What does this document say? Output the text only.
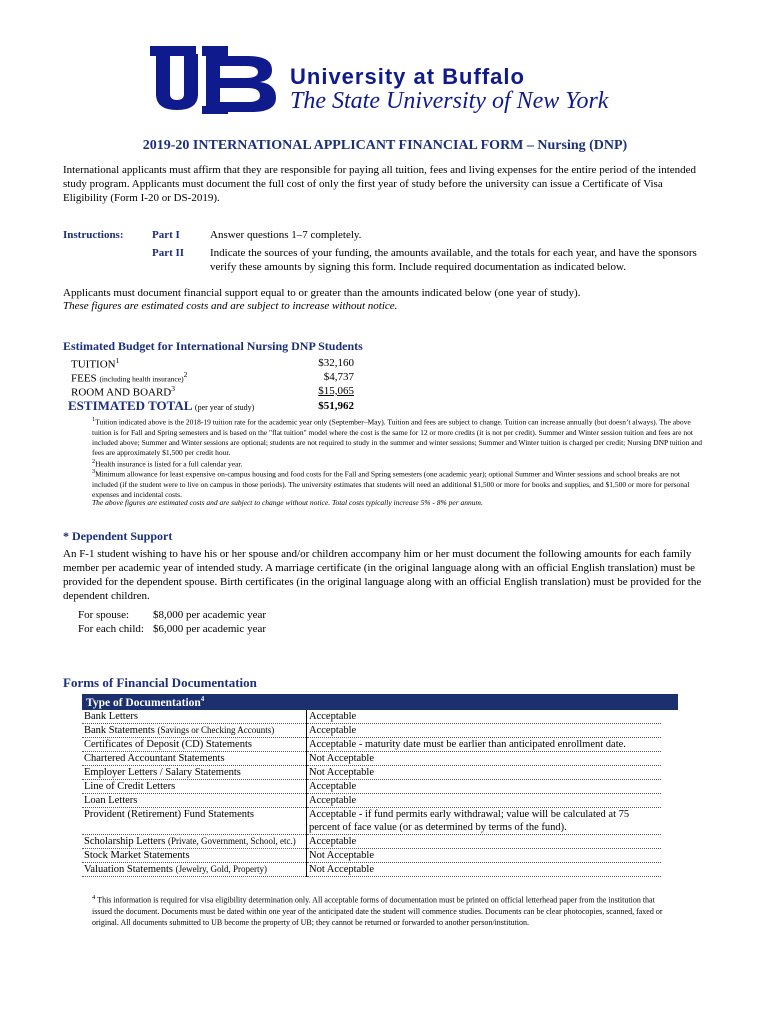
University at Buffalo
The State University of New York
2019-20 INTERNATIONAL APPLICANT FINANCIAL FORM – Nursing (DNP)
International applicants must affirm that they are responsible for paying all tuition, fees and living expenses for the entire period of the intended study program. Applicants must document the full cost of only the first year of study before the university can issue a Certificate of Visa Eligibility (Form I-20 or DS-2019).
Instructions:	Part I	Answer questions 1–7 completely.
Part II Indicate the sources of your funding, the amounts available, and the totals for each year, and have the sponsors verify these amounts by signing this form. Include required documentation as indicated below.
Applicants must document financial support equal to or greater than the amounts indicated below (one year of study).
These figures are estimated costs and are subject to increase without notice.
Estimated Budget for International Nursing DNP Students
TUITION$^1$	$32,160
FEES (including health insurance)$^2$	$4,737
ROOM AND BOARD$^3$	$15,065
ESTIMATED TOTAL (per year of study)	$51,962
$^1$Tuition indicated above is the 2018-19 tuition rate for the academic year only (September–May). Tuition and fees are subject to change. Tuition can increase annually (but doesn’t always). The above tuition is for Fall and Spring semesters and is based on the "flat tuition" model where the cost is the same for 12 or more credits (it is not per credit). Summer and Winter session tuition and fees are not included above; Summer and Winter sessions are optional; students are not required to study in the summer and winter sessions; Summer and Winter tuition is charged per credit; Nursing DNP tuition and fees are approximately $1,500 per credit hour.
$^2$Health insurance is listed for a full calendar year.
$^3$Minimum allowance for least expensive on-campus housing and food costs for the Fall and Spring semesters (one academic year); optional Summer and Winter sessions and school breaks are not included (if the student were to live on campus in those periods). The university estimates that students will need an additional $1,500 or more for books and supplies, and $1,500 or more for personal expenses and incidental costs.
The above figures are estimated costs and are subject to change without notice. Total costs typically increase 5% - 8% per annum.
* Dependent Support
An F-1 student wishing to have his or her spouse and/or children accompany him or her must document the following amounts for each family member per academic year of intended study. A marriage certificate (in the original language along with an official English translation) must be provided for the dependent spouse. Birth certificates (in the original language along with an official English translation) must be provided for the dependent children.
For spouse: $8,000 per academic year
For each child: $6,000 per academic year
Forms of Financial Documentation
Type of Documentation$^4$
Bank Letters	Acceptable
Bank Statements (Savings or Checking Accounts)	Acceptable
Certificates of Deposit (CD) Statements	Acceptable - maturity date must be earlier than anticipated enrollment date.
Chartered Accountant Statements	Not Acceptable
Employer Letters / Salary Statements	Not Acceptable
Line of Credit Letters	Acceptable
Loan Letters	Acceptable
Provident (Retirement) Fund Statements	Acceptable - if fund permits early withdrawal; value will be calculated at 75 percent of face value (or as determined by terms of the fund).
Scholarship Letters (Private, Government, School, etc.)	Acceptable
Stock Market Statements	Not Acceptable
Valuation Statements (Jewelry, Gold, Property)	Not Acceptable
$^4$ This information is required for visa eligibility determination only. All acceptable forms of documentation must be printed on official letterhead paper from the institution that issued the document. Documents must be dated within one year of the anticipated date the student will commence studies. Documents can be clear photocopies, scanned, faxed or original. All documents submitted to UB become the property of UB; they cannot be returned or forwarded to another person/institution.
